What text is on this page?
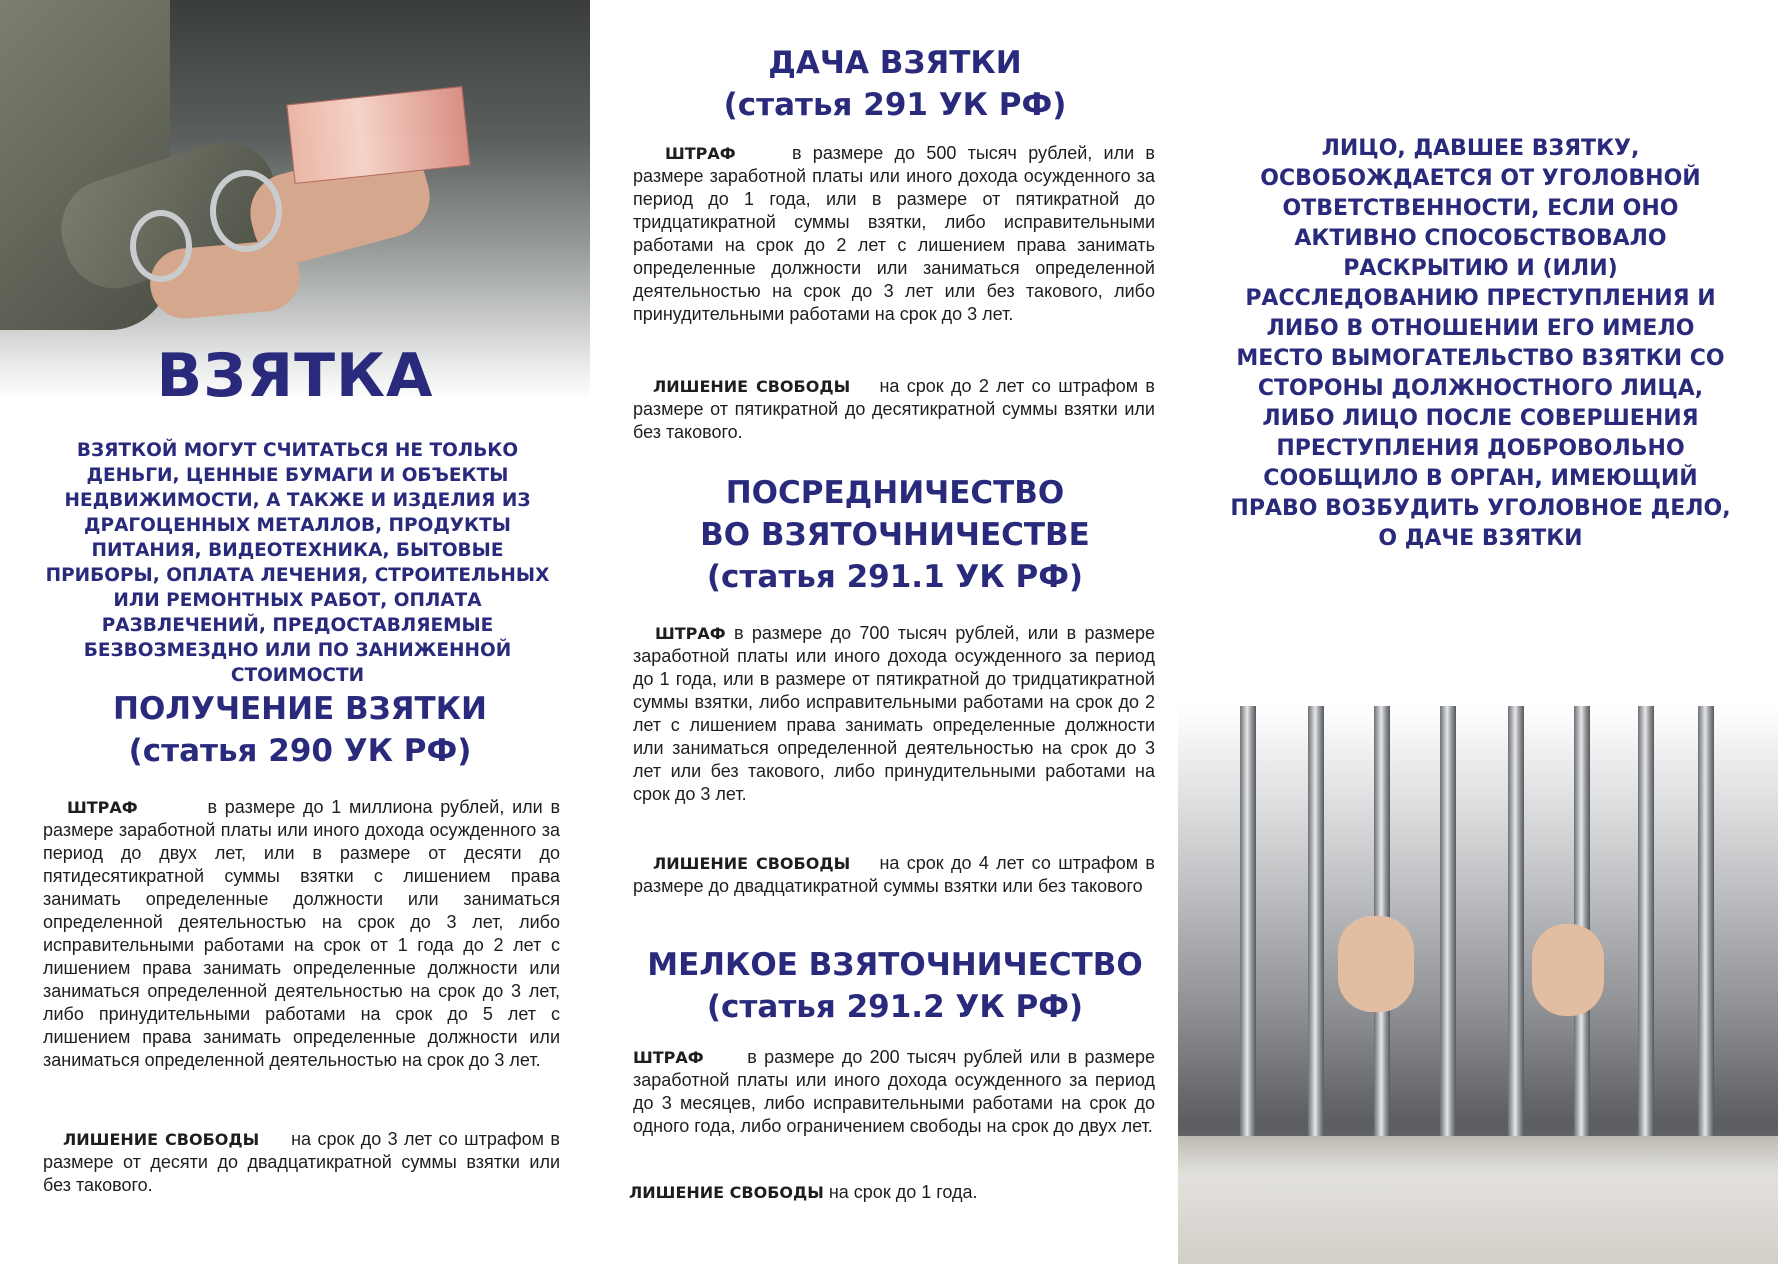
ВЗЯТКА
ВЗЯТКОЙ МОГУТ СЧИТАТЬСЯ НЕ ТОЛЬКО ДЕНЬГИ, ЦЕННЫЕ БУМАГИ И ОБЪЕКТЫ НЕДВИЖИМОСТИ, А ТАКЖЕ И ИЗДЕЛИЯ ИЗ ДРАГОЦЕННЫХ МЕТАЛЛОВ, ПРОДУКТЫ ПИТАНИЯ, ВИДЕОТЕХНИКА, БЫТОВЫЕ ПРИБОРЫ, ОПЛАТА ЛЕЧЕНИЯ, СТРОИТЕЛЬНЫХ ИЛИ РЕМОНТНЫХ РАБОТ, ОПЛАТА РАЗВЛЕЧЕНИЙ, ПРЕДОСТАВЛЯЕМЫЕ БЕЗВОЗМЕЗДНО ИЛИ ПО ЗАНИЖЕННОЙ СТОИМОСТИ
ПОЛУЧЕНИЕ ВЗЯТКИ
(статья 290 УК РФ)
ШТРАФ	в размере до 1 миллиона рублей, или в размере заработной платы или иного дохода осужденного за период до двух лет, или в размере от десяти до пятидесятикратной суммы взятки с лишением права занимать определенные должности или заниматься определенной деятельностью на срок до 3 лет, либо исправительными работами на срок от 1 года до 2 лет с лишением права занимать определенные должности или заниматься определенной деятельностью на срок до 3 лет, либо принудительными работами на срок до 5 лет с лишением права занимать определенные должности или заниматься определенной деятельностью на срок до 3 лет.
ЛИШЕНИЕ СВОБОДЫ на срок до 3 лет со штрафом в размере от десяти до двадцатикратной суммы взятки или без такового.
ДАЧА ВЗЯТКИ
(статья 291 УК РФ)
ШТРАФ	в размере до 500 тысяч рублей, или в размере заработной платы или иного дохода осужденного за период до 1 года, или в размере от пятикратной до тридцатикратной суммы взятки, либо исправительными работами на срок до 2 лет с лишением права занимать определенные должности или заниматься определенной деятельностью на срок до 3 лет или без такового, либо принудительными работами на срок до 3 лет.
ЛИШЕНИЕ СВОБОДЫ на срок до 2 лет со штрафом в размере от пятикратной до десятикратной суммы взятки или без такового.
ПОСРЕДНИЧЕСТВО
ВО ВЗЯТОЧНИЧЕСТВЕ
(статья 291.1 УК РФ)
ШТРАФ в размере до 700 тысяч рублей, или в размере заработной платы или иного дохода осужденного за период до 1 года, или в размере от пятикратной до тридцатикратной суммы взятки, либо исправительными работами на срок до 2 лет с лишением права занимать определенные должности или заниматься определенной деятельностью на срок до 3 лет или без такового, либо принудительными работами на срок до 3 лет.
ЛИШЕНИЕ СВОБОДЫ на срок до 4 лет со штрафом в размере до двадцатикратной суммы взятки или без такового
МЕЛКОЕ ВЗЯТОЧНИЧЕСТВО
(статья 291.2 УК РФ)
ШТРАФ в размере до 200 тысяч рублей или в размере заработной платы или иного дохода осужденного за период до 3 месяцев, либо исправительными работами на срок до одного года, либо ограничением свободы на срок до двух лет.
ЛИШЕНИЕ СВОБОДЫ на срок до 1 года.
ЛИЦО, ДАВШЕЕ ВЗЯТКУ, ОСВОБОЖДАЕТСЯ ОТ УГОЛОВНОЙ ОТВЕТСТВЕННОСТИ, ЕСЛИ ОНО АКТИВНО СПОСОБСТВОВАЛО РАСКРЫТИЮ И (ИЛИ) РАССЛЕДОВАНИЮ ПРЕСТУПЛЕНИЯ И ЛИБО В ОТНОШЕНИИ ЕГО ИМЕЛО МЕСТО ВЫМОГАТЕЛЬСТВО ВЗЯТКИ СО СТОРОНЫ ДОЛЖНОСТНОГО ЛИЦА, ЛИБО ЛИЦО ПОСЛЕ СОВЕРШЕНИЯ ПРЕСТУПЛЕНИЯ ДОБРОВОЛЬНО СООБЩИЛО В ОРГАН, ИМЕЮЩИЙ ПРАВО ВОЗБУДИТЬ УГОЛОВНОЕ ДЕЛО, О ДАЧЕ ВЗЯТКИ
